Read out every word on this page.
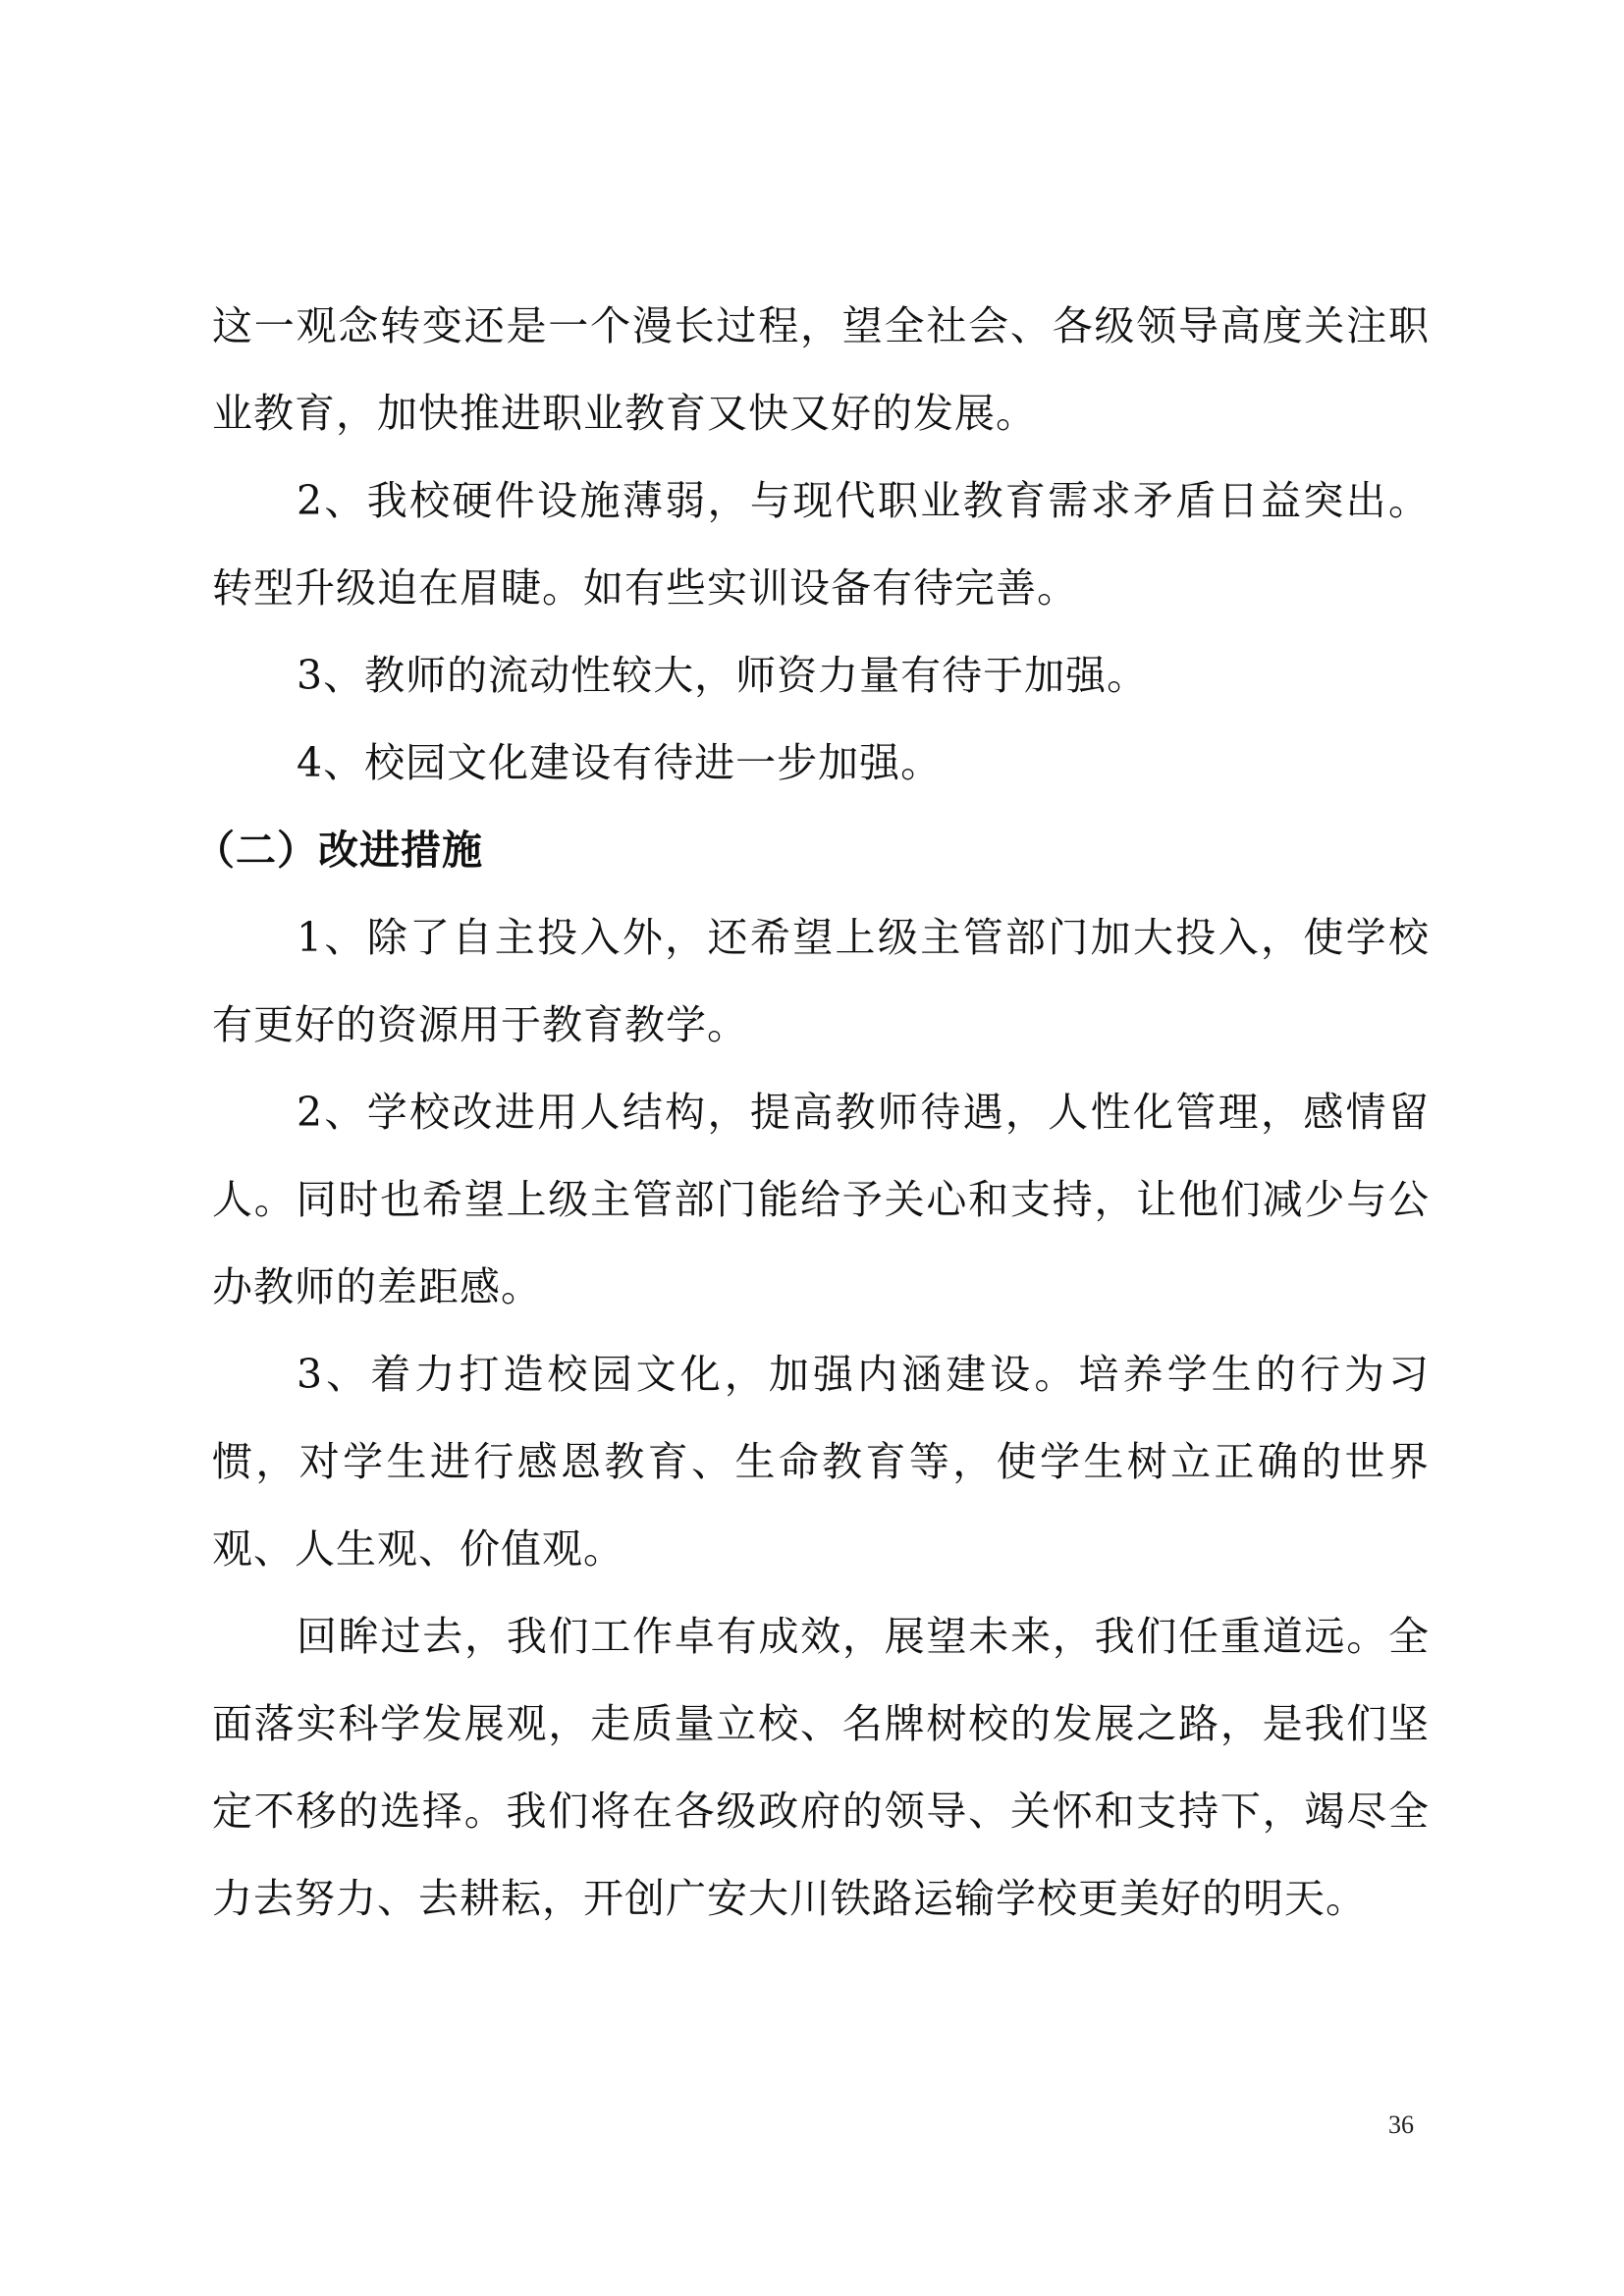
这一观念转变还是一个漫长过程，望全社会、各级领导高度关注职业教育，加快推进职业教育又快又好的发展。

2、我校硬件设施薄弱，与现代职业教育需求矛盾日益突出。转型升级迫在眉睫。如有些实训设备有待完善。

3、教师的流动性较大，师资力量有待于加强。

4、校园文化建设有待进一步加强。

（二）改进措施

1、除了自主投入外，还希望上级主管部门加大投入，使学校有更好的资源用于教育教学。

2、学校改进用人结构，提高教师待遇，人性化管理，感情留人。同时也希望上级主管部门能给予关心和支持，让他们减少与公办教师的差距感。

3、着力打造校园文化，加强内涵建设。培养学生的行为习惯，对学生进行感恩教育、生命教育等，使学生树立正确的世界观、人生观、价值观。

回眸过去，我们工作卓有成效，展望未来，我们任重道远。全面落实科学发展观，走质量立校、名牌树校的发展之路，是我们坚定不移的选择。我们将在各级政府的领导、关怀和支持下，竭尽全力去努力、去耕耘，开创广安大川铁路运输学校更美好的明天。

36
